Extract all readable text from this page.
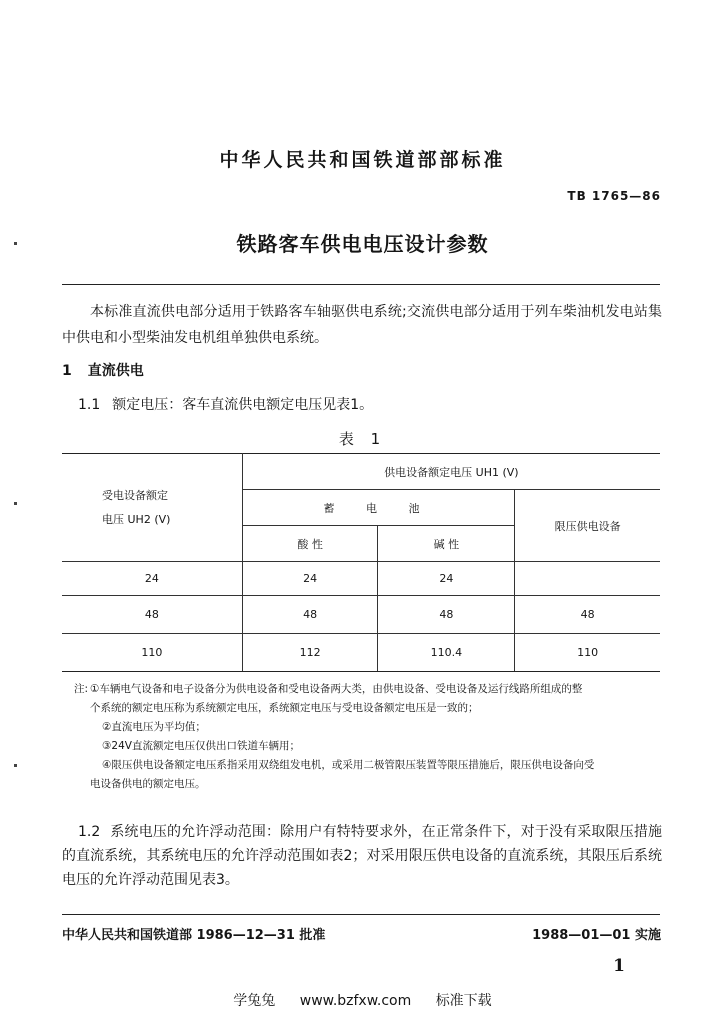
中华人民共和国铁道部部标准
TB 1765—86
铁路客车供电电压设计参数
本标准直流供电部分适用于铁路客车轴驱供电系统;交流供电部分适用于列车柴油机发电站集中供电和小型柴油发电机组单独供电系统。
1 直流供电
1.1 额定电压：客车直流供电额定电压见表1。
表 1
受电设备额定
电压 UH2 (V)	供电设备额定电压 UH1 (V)		
	蓄 电 池		限压供电设备
	酸 性	碱 性	
24	24	24	
48	48	48	48
110	112	110.4	110
注: ①车辆电气设备和电子设备分为供电设备和受电设备两大类，由供电设备、受电设备及运行线路所组成的整
个系统的额定电压称为系统额定电压，系统额定电压与受电设备额定电压是一致的；
②直流电压为平均值；
③24V直流额定电压仅供出口铁道车辆用；
④限压供电设备额定电压系指采用双绕组发电机，或采用二极管限压装置等限压措施后，限压供电设备向受
电设备供电的额定电压。
1.2 系统电压的允许浮动范围：除用户有特特要求外，在正常条件下，对于没有采取限压措施的直流系统，其系统电压的允许浮动范围如表2；对采用限压供电设备的直流系统，其限压后系统电压的允许浮动范围见表3。
中华人民共和国铁道部 1986—12—31 批准	1988—01—01 实施
1
学兔兔 www.bzfxw.com 标准下载
